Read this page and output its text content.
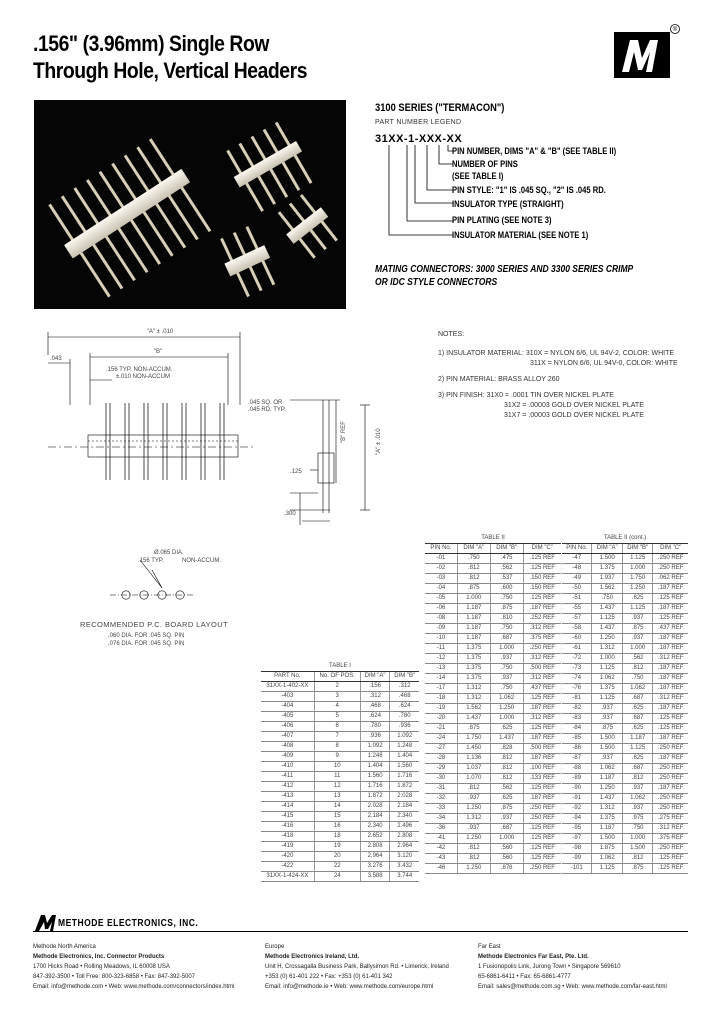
.156" (3.96mm) Single Row
Through Hole, Vertical Headers
®
3100 SERIES ("TERMACON")
PART NUMBER LEGEND
31XX-1-XXX-XX
PIN NUMBER, DIMS "A" & "B" (SEE TABLE II)
NUMBER OF PINS
(SEE TABLE I)
PIN STYLE: "1" IS .045 SQ., "2" IS .045 RD.
INSULATOR TYPE (STRAIGHT)
PIN PLATING (SEE NOTE 3)
INSULATOR MATERIAL (SEE NOTE 1)
MATING CONNECTORS: 3000 SERIES AND 3300 SERIES CRIMP
OR IDC STYLE CONNECTORS
NOTES:
1) INSULATOR MATERIAL: 310X = NYLON 6/6, UL 94V-2, COLOR: WHITE
311X = NYLON 6/6, UL 94V-0, COLOR: WHITE
2) PIN MATERIAL: BRASS ALLOY 260
3) PIN FINISH: 31X0 = .0001 TIN OVER NICKEL PLATE
31X2 = .00003 GOLD OVER NICKEL PLATE
31X7 = .00003 GOLD OVER NICKEL PLATE
"A" ± .010
"B"
.043
.156 TYP. NON-ACCUM.
±.010 NON-ACCUM
.045 SQ. OR
.045 RD. TYP.
.125
.300
"A" ± .010
"B" REF
Ø.065 DIA.
.156 TYP.	NON-ACCUM.
RECOMMENDED P.C. BOARD LAYOUT
.060 DIA. FOR .045 SQ. PIN
.076 DIA. FOR .045 SQ. PIN
TABLE I			
PART No.	No. OF POS.	DIM "A"	DIM "B"
31XX-1-402-XX	2	.156	.312
-403	3	.312	.468
-404	4	.468	.624
-405	5	.624	.780
-406	6	.780	.936
-407	7	.936	1.092
-408	8	1.092	1.248
-409	9	1.248	1.404
-410	10	1.404	1.560
-411	11	1.560	1.716
-412	12	1.716	1.872
-413	13	1.872	2.028
-414	14	2.028	2.184
-415	15	2.184	2.340
-416	16	2.340	2.496
-418	18	2.652	2.808
-419	19	2.808	2.964
-420	20	2.964	3.120
-422	22	3.276	3.432
31XX-1-424-XX	24	3.588	3.744
TABLE II			
PIN No.	DIM "A"	DIM "B"	DIM "C"
-01	.750	.475	.125 REF
-02	.812	.562	.125 REF
-03	.812	.537	.150 REF
-04	.875	.600	.150 REF
-05	1.000	.750	.125 REF
-06	1.187	.875	.187 REF
-08	1.187	.810	.252 REF
-09	1.187	.750	.312 REF
-10	1.187	.687	.375 REF
-11	1.375	1.000	.250 REF
-12	1.375	.937	.312 REF
-13	1.375	.750	.500 REF
-14	1.375	.937	.312 REF
-17	1.312	.750	.437 REF
-18	1.312	1.062	.125 REF
-19	1.562	1.250	.187 REF
-20	1.437	1.000	.312 REF
-21	.875	.625	.125 REF
-24	1.750	1.437	.187 REF
-27	1.450	.828	.500 REF
-28	1.136	.812	.187 REF
-29	1.037	.812	.100 REF
-30	1.070	.812	.133 REF
-31	.812	.562	.125 REF
-32	.937	.625	.187 REF
-33	1.250	.875	.250 REF
-34	1.312	.937	.250 REF
-36	.937	.687	.125 REF
-41	1.250	1.000	.125 REF
-42	.812	.560	.125 REF
-43	.812	.560	.125 REF
-46	1.250	.876	.250 REF
TABLE II (cont.)			
PIN No.	DIM "A"	DIM "B"	DIM "C"
-47	1.500	1.125	.250 REF
-48	1.375	1.000	.250 REF
-49	1.937	1.750	.062 REF
-50	1.562	1.250	.187 REF
-51	.750	.625	.125 REF
-55	1.437	1.125	.187 REF
-57	1.125	.937	.125 REF
-58	1.437	.875	.437 REF
-60	1.250	.937	.187 REF
-61	1.312	1.000	.187 REF
-72	1.000	.562	.312 REF
-73	1.125	.812	.187 REF
-74	1.062	.750	.187 REF
-76	1.375	1.062	.187 REF
-81	1.125	.687	.312 REF
-82	.937	.625	.187 REF
-83	.937	.687	.125 REF
-84	.875	.625	.125 REF
-85	1.500	1.187	.187 REF
-86	1.500	1.125	.250 REF
-87	.937	.625	.187 REF
-88	1.062	.687	.250 REF
-89	1.187	.812	.250 REF
-90	1.250	.937	.187 REF
-91	1.437	1.062	.250 REF
-92	1.312	.937	.250 REF
-94	1.375	.975	.275 REF
-95	1.187	.750	.312 REF
-97	1.500	1.000	.375 REF
-98	1.875	1.500	.250 REF
-99	1.062	.812	.125 REF
-101	1.125	.875	.125 REF
METHODE ELECTRONICS, INC.
Methode North America
Methode Electronics, Inc. Connector Products
1700 Hicks Road • Rolling Meadows, IL 60008 USA
847-392-3500 • Toll Free: 800-323-6858 • Fax: 847-392-5007
Email: info@methode.com • Web: www.methode.com/connectors/index.html
Europe
Methode Electronics Ireland, Ltd.
Unit H, Crossagalla Business Park, Ballysimon Rd. • Limerick, Ireland
+353 (0) 61-401 222 • Fax: +353 (0) 61-401 342
Email: info@methode.ie • Web: www.methode.com/europe.html
Far East
Methode Electronics Far East, Pte. Ltd.
1 Fusionopolis Link, Jurong Town • Singapore 569610
65-6861-6411 • Fax: 65-6861-4777
Email: sales@methode.com.sg • Web: www.methode.com/far-east.html
